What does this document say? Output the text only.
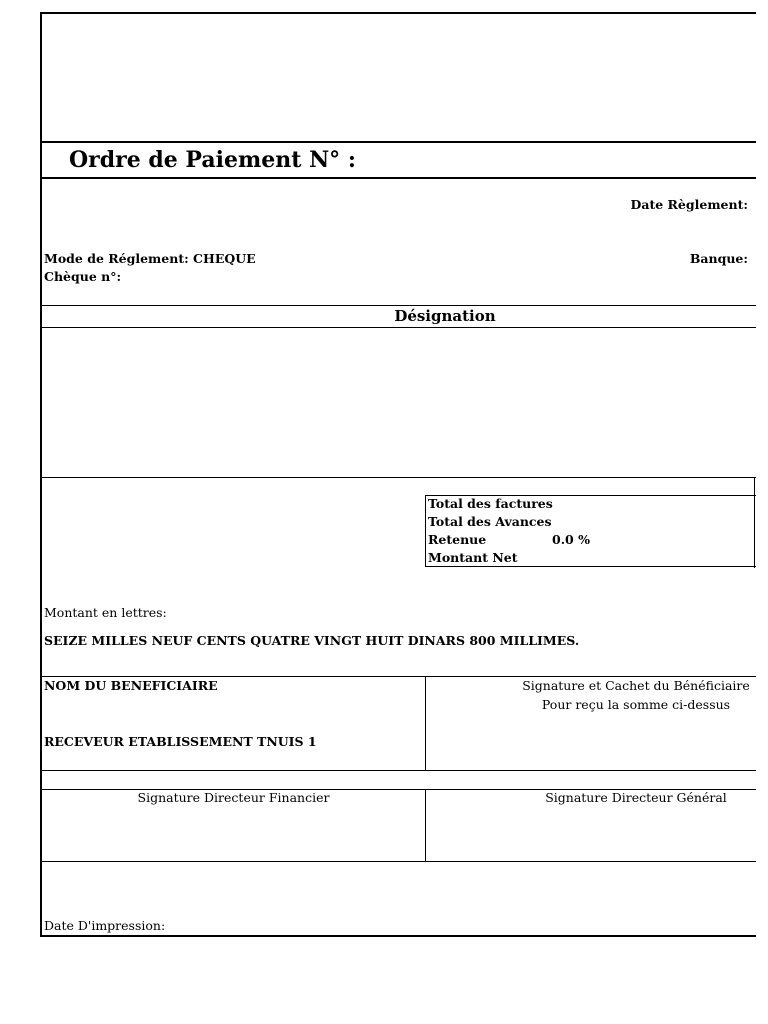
Ordre de Paiement N° :
Date Règlement:
Mode de Réglement: CHEQUE	Banque:
Chèque n°:
Désignation
Total des factures
Total des Avances
Retenue	0.0 %
Montant Net
Montant en lettres:
SEIZE MILLES NEUF CENTS QUATRE VINGT HUIT DINARS 800 MILLIMES.
NOM DU BENEFICIAIRE
RECEVEUR ETABLISSEMENT TNUIS 1
Signature et Cachet du Bénéficiaire
Pour reçu la somme ci-dessus
Signature Directeur Financier	Signature Directeur Général
Date D'impression:
